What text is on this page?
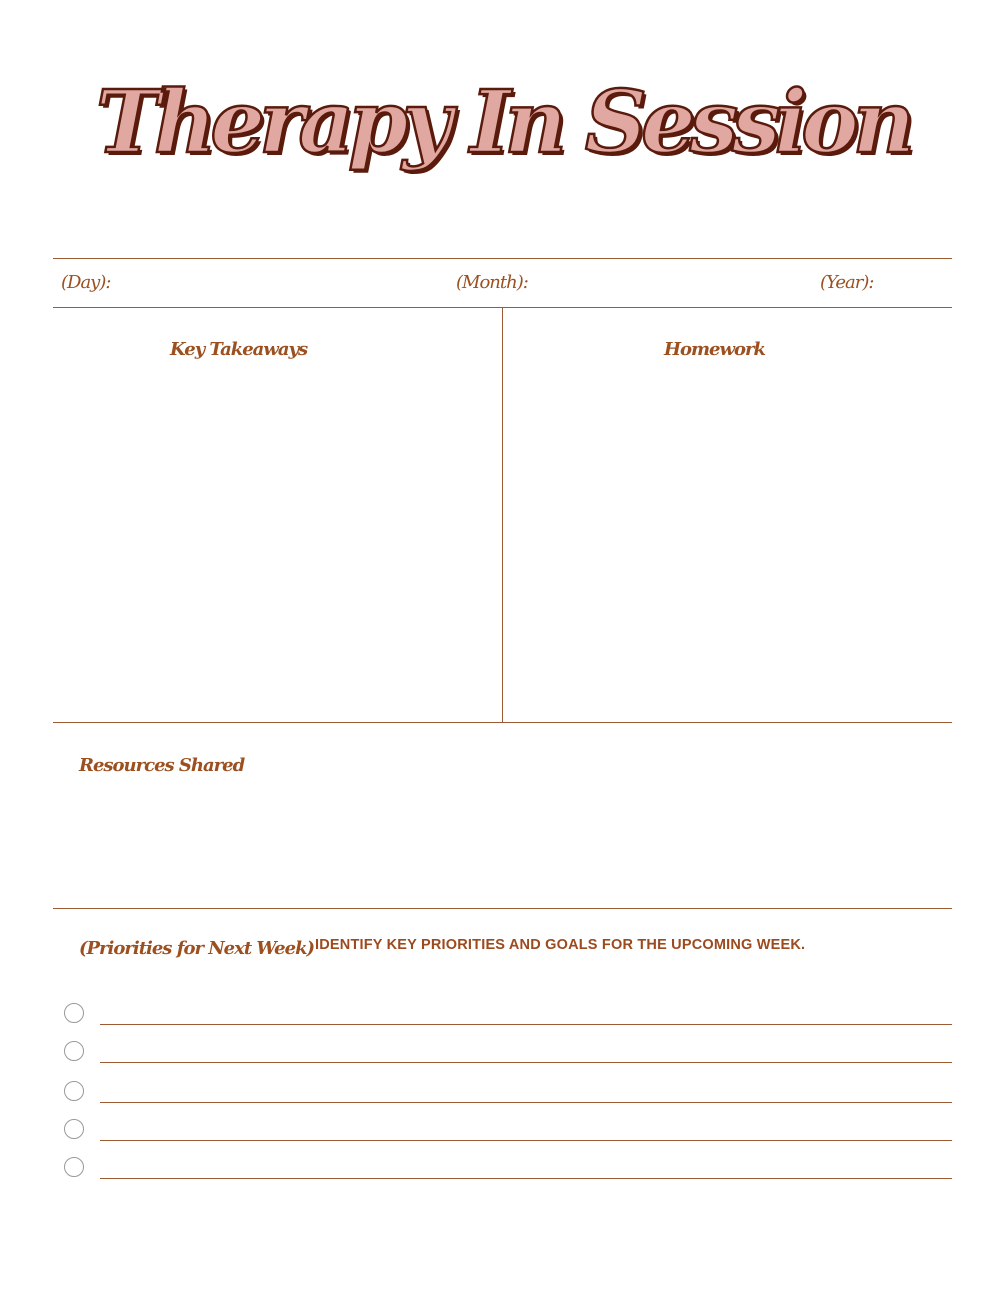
Therapy In Session
(Day):	(Month):	(Year):
Key Takeaways	Homework
Resources Shared
(Priorities for Next Week) IDENTIFY KEY PRIORITIES AND GOALS FOR THE UPCOMING WEEK.
